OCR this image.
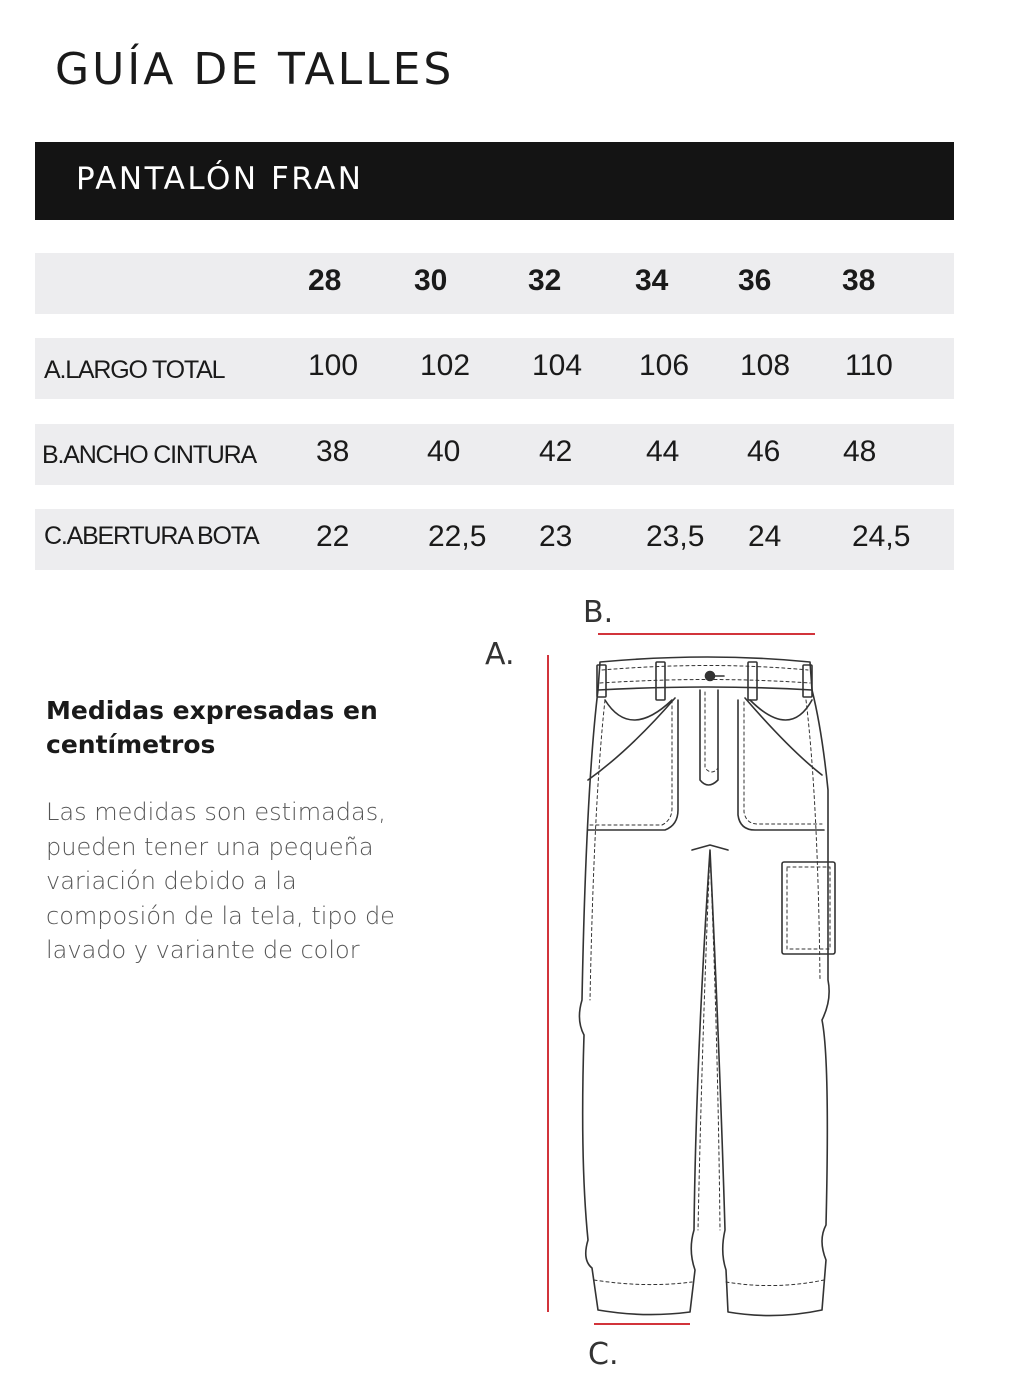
GUÍA DE TALLES
PANTALÓN FRAN
28 30	32 34 36 38
A.LARGO TOTAL	100 102 104 106 108 110
B.ANCHO CINTURA 38	40	42 44 46 48
C.ABERTURA BOTA 22	22,5 23 23,5 24 24,5

Medidas expresadas en centímetros

Las medidas son estimadas, pueden tener una pequeña variación debido a la composión de la tela, tipo de lavado y variante de color

B.
A.
C.
